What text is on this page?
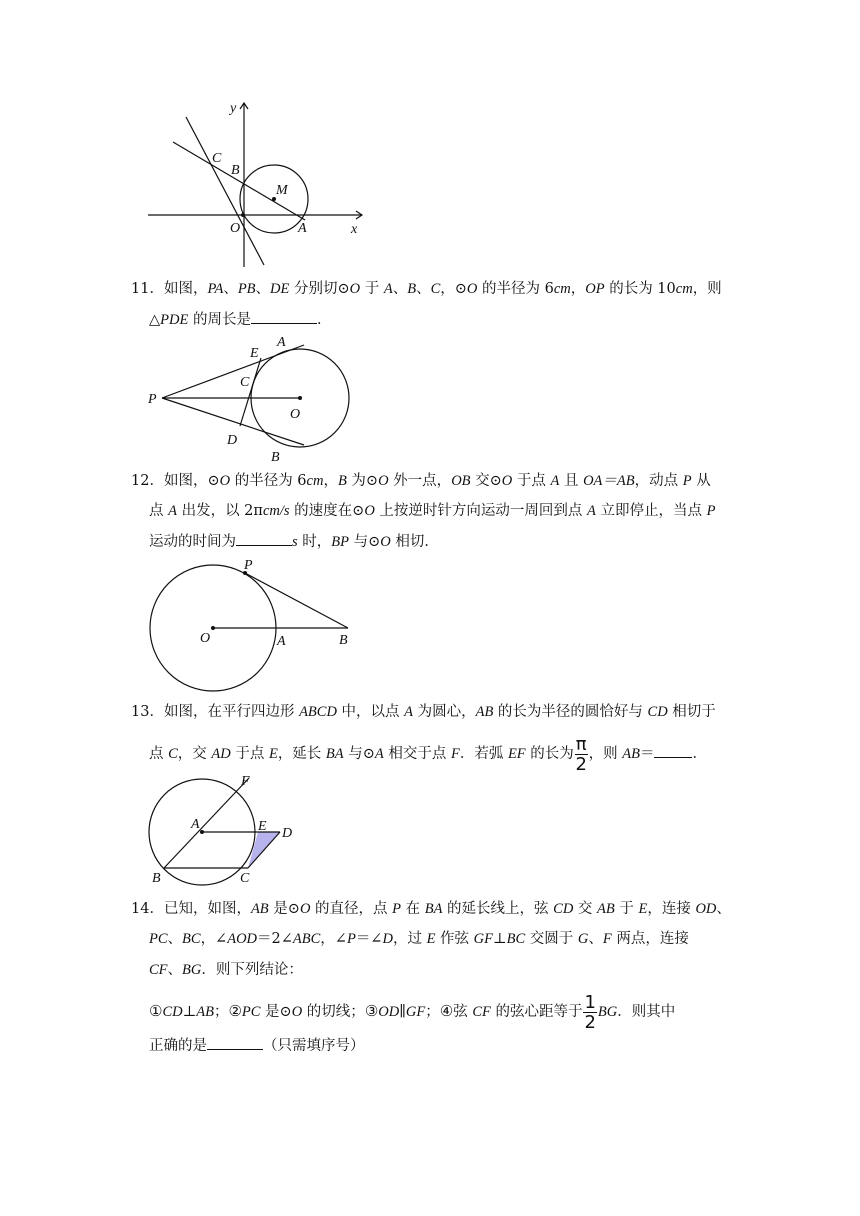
y
x
C
B
M
O	A
11．如图，PA、PB、DE 分别切⊙O 于 A、B、C，⊙O 的半径为 6cm，OP 的长为 10cm，则
△PDE 的周长是	．
P
E
A
C
O
D
B
12．如图，⊙O 的半径为 6cm，B 为⊙O 外一点，OB 交⊙O 于点 A 且 OA＝AB，动点 P 从
点 A 出发，以 2πcm/s 的速度在⊙O 上按逆时针方向运动一周回到点 A 立即停止，当点 P
运动的时间为	s 时，BP 与⊙O 相切．
P
O	A	B
13．如图，在平行四边形 ABCD 中，以点 A 为圆心，AB 的长为半径的圆恰好与 CD 相切于
点 C，交 AD 于点 E，延长 BA 与⊙A 相交于点 F．若弧 EF 的长为 $\frac{\pi}{2}$ ，则 AB＝	．
F
A	E D
B	C
14．已知，如图，AB 是⊙O 的直径，点 P 在 BA 的延长线上，弦 CD 交 AB 于 E，连接 OD、
PC、BC，∠AOD＝2∠ABC，∠P＝∠D，过 E 作弦 GF⊥BC 交圆于 G、F 两点，连接
CF、BG．则下列结论：
①CD⊥AB；②PC 是⊙O 的切线；③OD∥GF；④弦 CF 的弦心距等于 $\frac{1}{2}$ BG．则其中
正确的是	（只需填序号）
